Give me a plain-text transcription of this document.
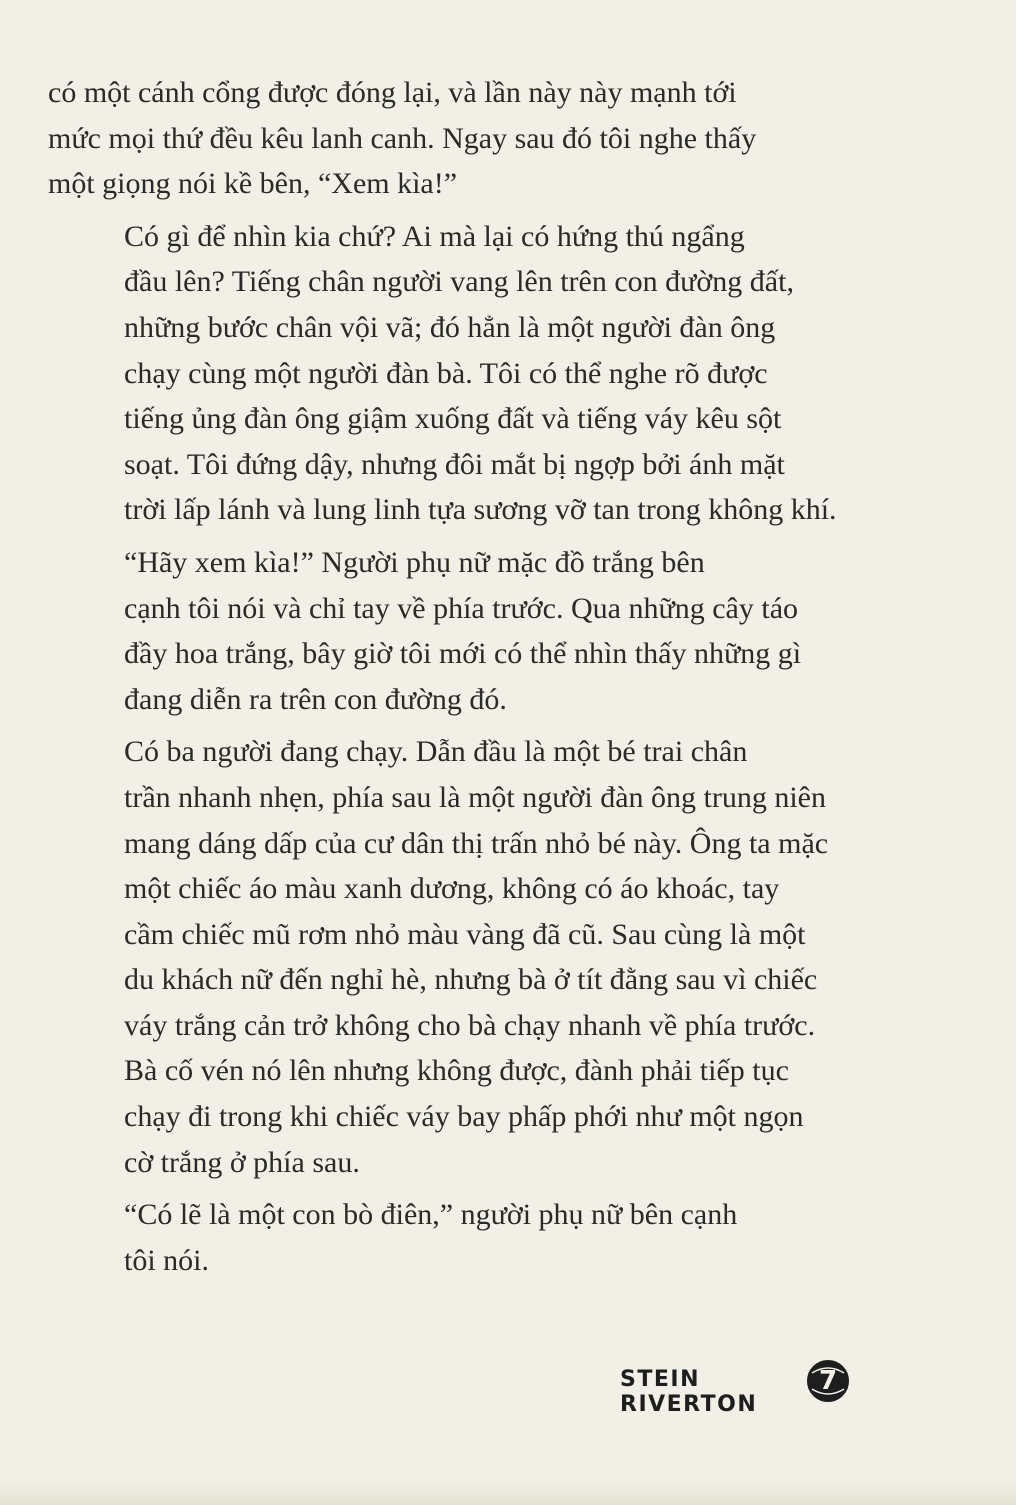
có một cánh cổng được đóng lại, và lần này này mạnh tới
mức mọi thứ đều kêu lanh canh. Ngay sau đó tôi nghe thấy
một giọng nói kề bên, “Xem kìa!”

Có gì để nhìn kia chứ? Ai mà lại có hứng thú ngẩng
đầu lên? Tiếng chân người vang lên trên con đường đất,
những bước chân vội vã; đó hẳn là một người đàn ông
chạy cùng một người đàn bà. Tôi có thể nghe rõ được
tiếng ủng đàn ông giậm xuống đất và tiếng váy kêu sột
soạt. Tôi đứng dậy, nhưng đôi mắt bị ngợp bởi ánh mặt
trời lấp lánh và lung linh tựa sương vỡ tan trong không khí.

“Hãy xem kìa!” Người phụ nữ mặc đồ trắng bên
cạnh tôi nói và chỉ tay về phía trước. Qua những cây táo
đầy hoa trắng, bây giờ tôi mới có thể nhìn thấy những gì
đang diễn ra trên con đường đó.

Có ba người đang chạy. Dẫn đầu là một bé trai chân
trần nhanh nhẹn, phía sau là một người đàn ông trung niên
mang dáng dấp của cư dân thị trấn nhỏ bé này. Ông ta mặc
một chiếc áo màu xanh dương, không có áo khoác, tay
cầm chiếc mũ rơm nhỏ màu vàng đã cũ. Sau cùng là một
du khách nữ đến nghỉ hè, nhưng bà ở tít đằng sau vì chiếc
váy trắng cản trở không cho bà chạy nhanh về phía trước.
Bà cố vén nó lên nhưng không được, đành phải tiếp tục
chạy đi trong khi chiếc váy bay phấp phới như một ngọn
cờ trắng ở phía sau.

“Có lẽ là một con bò điên,” người phụ nữ bên cạnh
tôi nói.

STEIN RIVERTON
7
